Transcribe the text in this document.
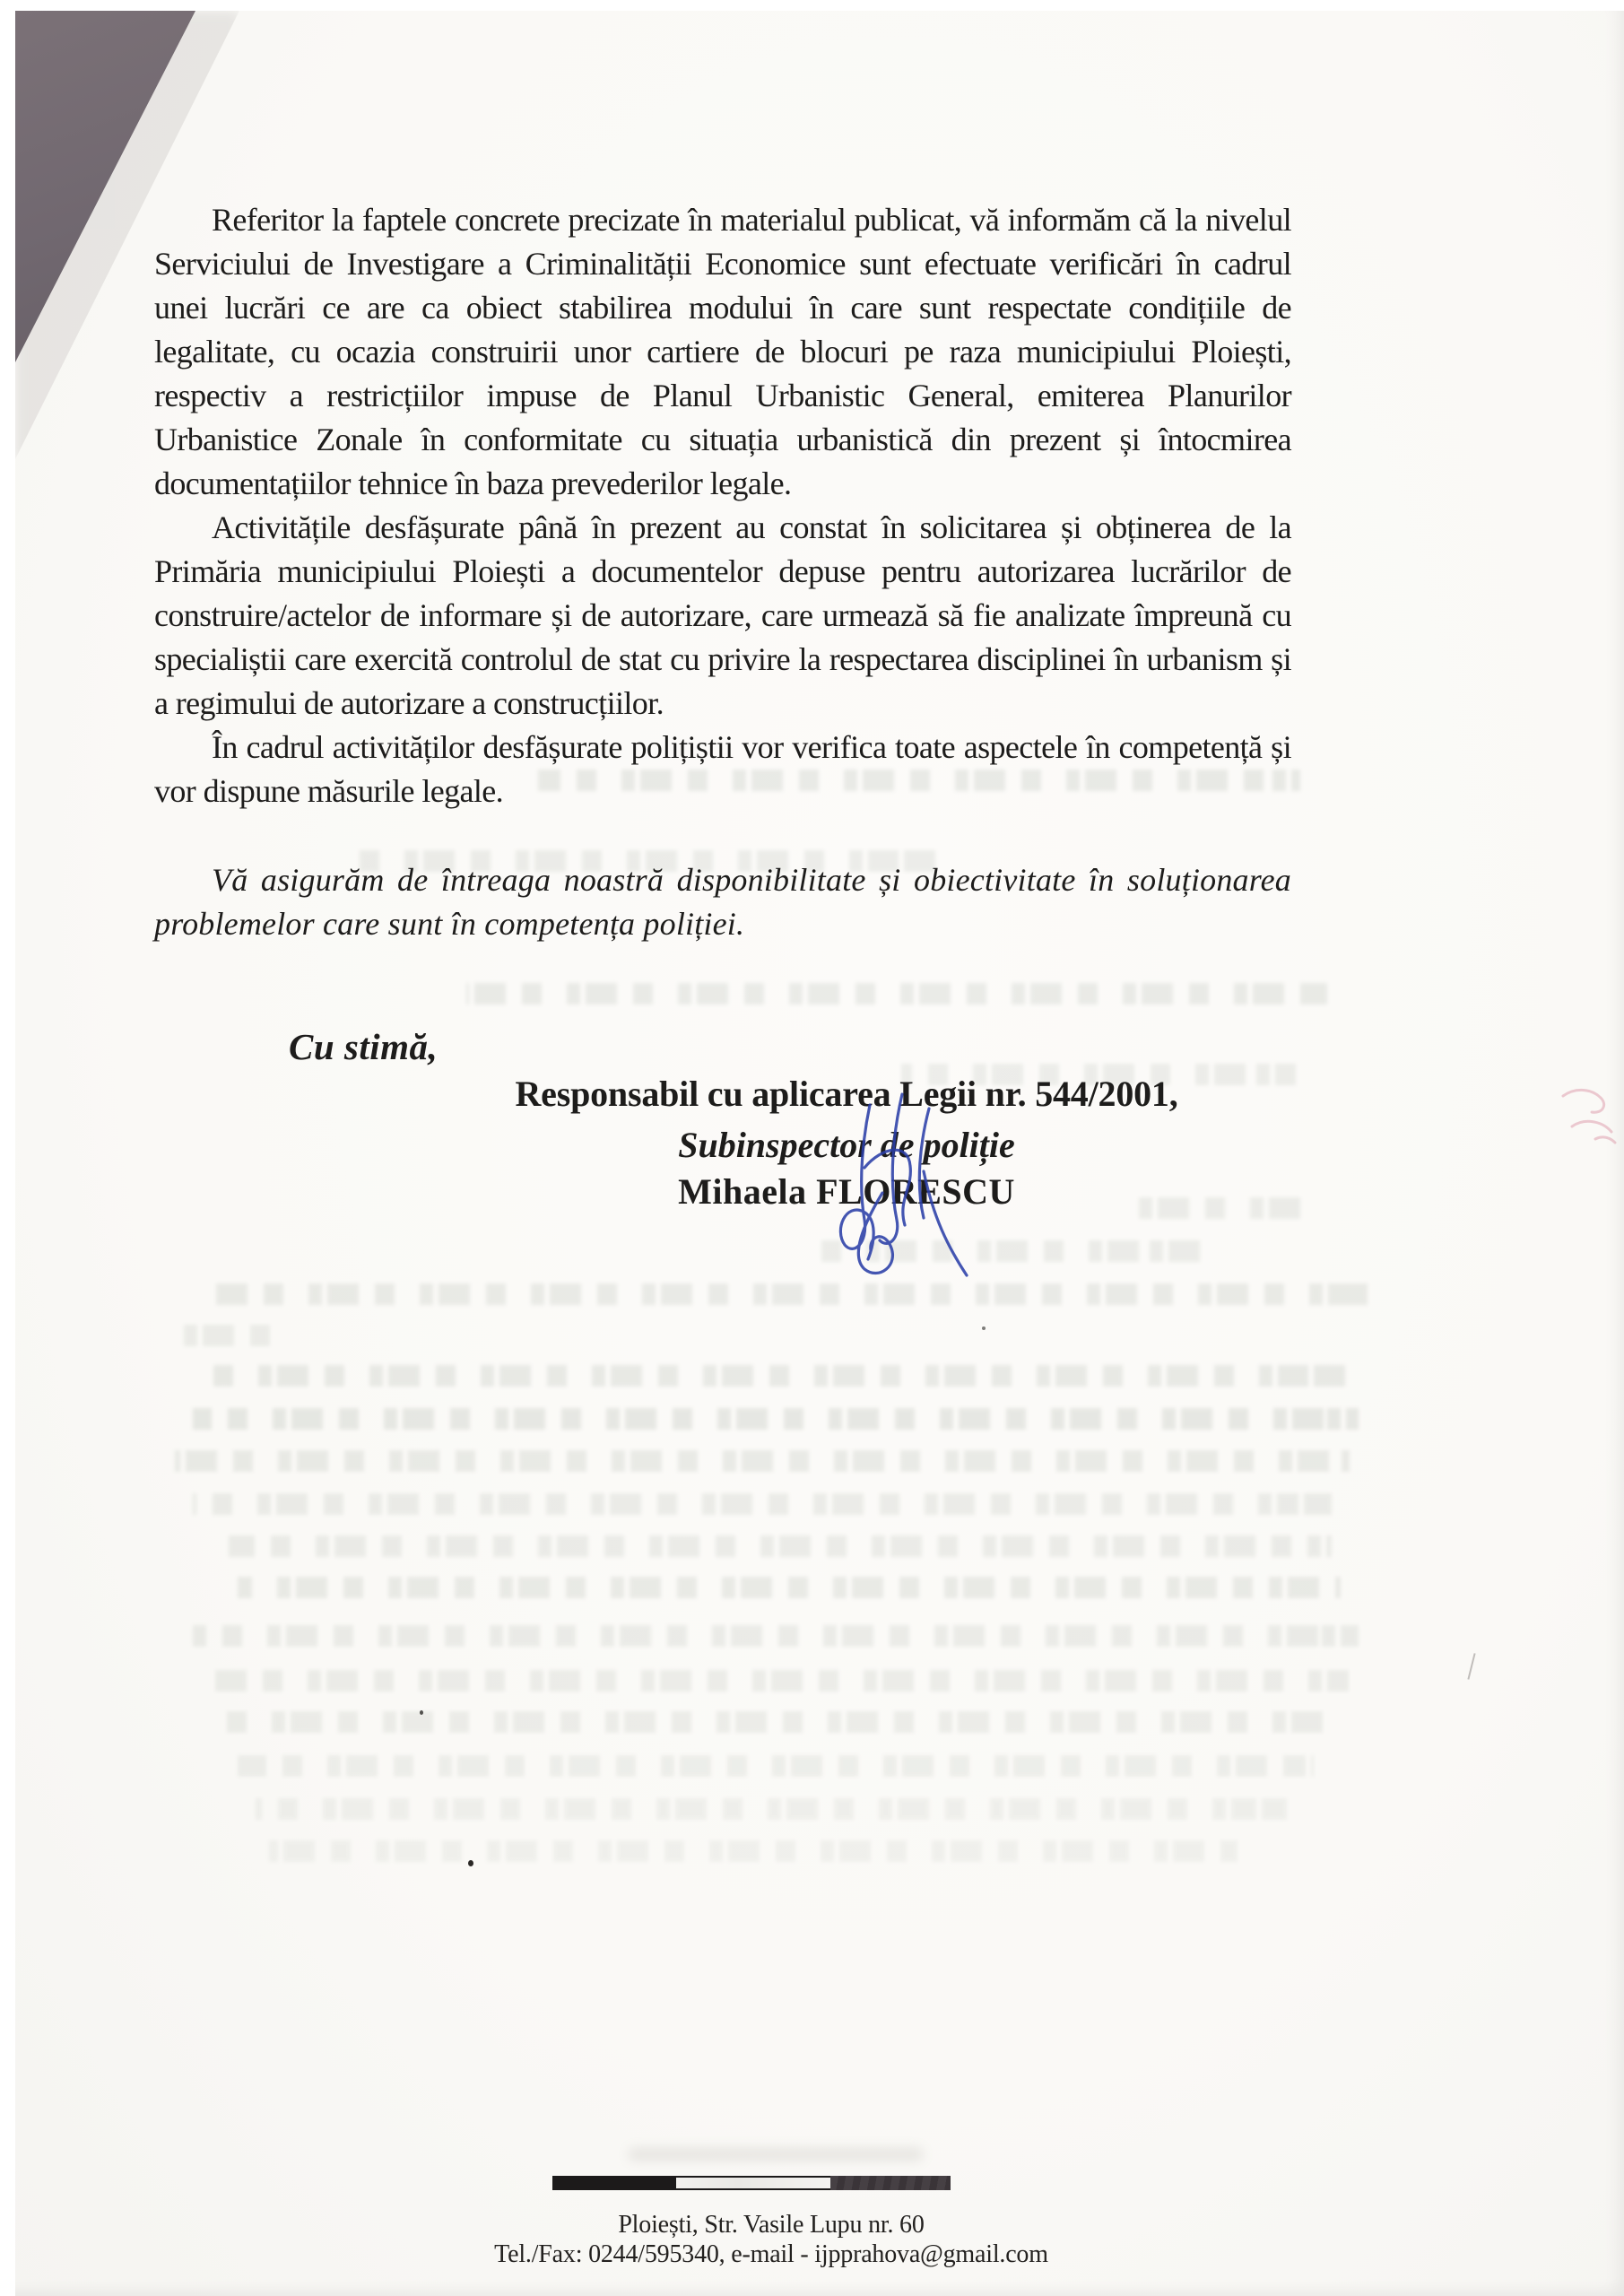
Referitor la faptele concrete precizate în materialul publicat, vă informăm că la nivelul Serviciului de Investigare a Criminalității Economice sunt efectuate verificări în cadrul unei lucrări ce are ca obiect stabilirea modului în care sunt respectate condițiile de legalitate, cu ocazia construirii unor cartiere de blocuri pe raza municipiului Ploiești, respectiv a restricțiilor impuse de Planul Urbanistic General, emiterea Planurilor Urbanistice Zonale în conformitate cu situația urbanistică din prezent și întocmirea documentațiilor tehnice în baza prevederilor legale.

Activitățile desfășurate până în prezent au constat în solicitarea și obținerea de la Primăria municipiului Ploiești a documentelor depuse pentru autorizarea lucrărilor de construire/actelor de informare și de autorizare, care urmează să fie analizate împreună cu specialiștii care exercită controlul de stat cu privire la respectarea disciplinei în urbanism și a regimului de autorizare a construcțiilor.

În cadrul activităților desfășurate polițiștii vor verifica toate aspectele în competență și vor dispune măsurile legale.

Vă asigurăm de întreaga noastră disponibilitate și obiectivitate în soluționarea problemelor care sunt în competența poliției.

Cu stimă,
Responsabil cu aplicarea Legii nr. 544/2001,
Subinspector de poliție
Mihaela FLORESCU
Ploiești, Str. Vasile Lupu nr. 60
Tel./Fax: 0244/595340, e-mail - ijpprahova@gmail.com
